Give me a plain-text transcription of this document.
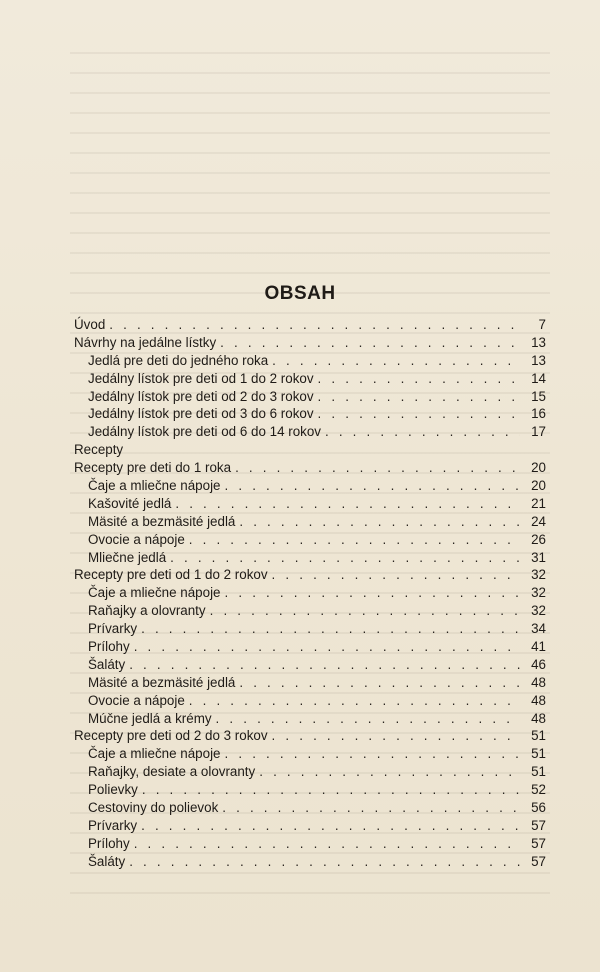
OBSAH
Úvod . . .	7
Návrhy na jedálne lístky . . .	13
Jedlá pre deti do jedného roka . . .	13
Jedálny lístok pre deti od 1 do 2 rokov . . .	14
Jedálny lístok pre deti od 2 do 3 rokov . . .	15
Jedálny lístok pre deti od 3 do 6 rokov . . .	16
Jedálny lístok pre deti od 6 do 14 rokov . . .	17
Recepty
Recepty pre deti do 1 roka . . .	20
Čaje a mliečne nápoje . . .	20
Kašovité jedlá . . .	21
Mäsité a bezmäsité jedlá . . .	24
Ovocie a nápoje . . .	26
Mliečne jedlá . . .	31
Recepty pre deti od 1 do 2 rokov . . .	32
Čaje a mliečne nápoje . . .	32
Raňajky a olovranty . . .	32
Prívarky . . .	34
Prílohy . . .	41
Šaláty . . .	46
Mäsité a bezmäsité jedlá . . .	48
Ovocie a nápoje . . .	48
Múčne jedlá a krémy . . .	48
Recepty pre deti od 2 do 3 rokov . . .	51
Čaje a mliečne nápoje . . .	51
Raňajky, desiate a olovranty . . .	51
Polievky . . .	52
Cestoviny do polievok . . .	56
Prívarky . . .	57
Prílohy . . .	57
Šaláty . . .	57
